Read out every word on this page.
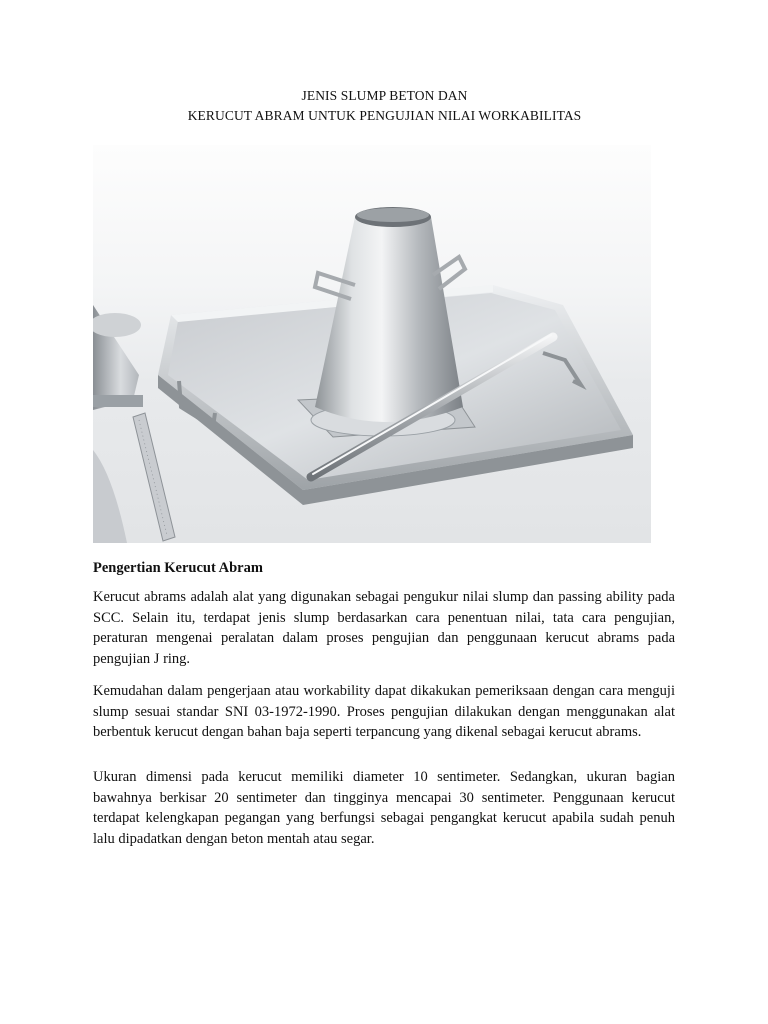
JENIS SLUMP BETON DAN
KERUCUT ABRAM UNTUK PENGUJIAN NILAI WORKABILITAS
Pengertian Kerucut Abram

Kerucut abrams adalah alat yang digunakan sebagai pengukur nilai slump dan passing ability pada SCC. Selain itu, terdapat jenis slump berdasarkan cara penentuan nilai, tata cara pengujian, peraturan mengenai peralatan dalam proses pengujian dan penggunaan kerucut abrams pada pengujian J ring.

Kemudahan dalam pengerjaan atau workability dapat dikakukan pemeriksaan dengan cara menguji slump sesuai standar SNI 03-1972-1990. Proses pengujian dilakukan dengan menggunakan alat berbentuk kerucut dengan bahan baja seperti terpancung yang dikenal sebagai kerucut abrams.

Ukuran dimensi pada kerucut memiliki diameter 10 sentimeter. Sedangkan, ukuran bagian bawahnya berkisar 20 sentimeter dan tingginya mencapai 30 sentimeter. Penggunaan kerucut terdapat kelengkapan pegangan yang berfungsi sebagai pengangkat kerucut apabila sudah penuh lalu dipadatkan dengan beton mentah atau segar.
